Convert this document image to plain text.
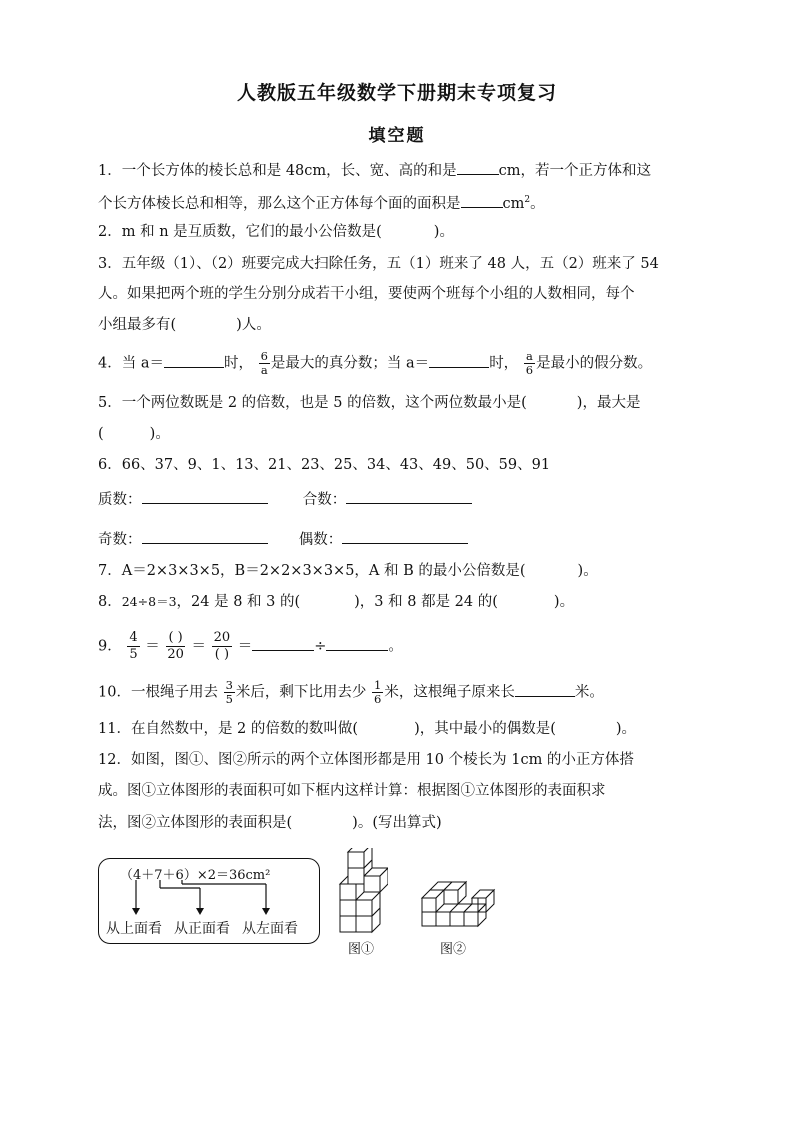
人教版五年级数学下册期末专项复习
填空题
1．一个长方体的棱长总和是 48cm，长、宽、高的和是	cm，若一个正方体和这
个长方体棱长总和相等，那么这个正方体每个面的面积是	$cm^2$。
2．m 和 n 是互质数，它们的最小公倍数是(	)。
3．五年级（1）、（2）班要完成大扫除任务，五（1）班来了 48 人，五（2）班来了 54
人。如果把两个班的学生分别分成若干小组，要使两个班每个小组的人数相同，每个
小组最多有(	)人。
4．当 a＝	时， $\frac{6}{a}$ 是最大的真分数；当 a＝	时， $\frac{a}{6}$ 是最小的假分数。
5．一个两位数既是 2 的倍数，也是 5 的倍数，这个两位数最小是(	)，最大是
(	)。
6．66、37、9、1、13、21、23、25、34、43、49、50、59、91
质数：	合数：
奇数：	偶数：
7．A＝2×3×3×5，B＝2×2×3×3×5，A 和 B 的最小公倍数是(	)。
8．24÷8＝3，24 是 8 和 3 的(	)，3 和 8 都是 24 的(	)。
9． $\frac{4}{5} = \frac{( )}{20} = \frac{20}{( )}$ ＝	÷	。
10．一根绳子用去 $\frac{3}{5}$ 米后，剩下比用去少 $\frac{1}{6}$ 米，这根绳子原来长	米。
11．在自然数中，是 2 的倍数的数叫做(	)，其中最小的偶数是(	)。
12．如图，图①、图②所示的两个立体图形都是用 10 个棱长为 1cm 的小正方体搭
成。图①立体图形的表面积可如下框内这样计算：根据图①立体图形的表面积求
法，图②立体图形的表面积是(	)。(写出算式)
（4＋7＋6）×2＝36cm²
从上面看 从正面看 从左面看
图①	图②
